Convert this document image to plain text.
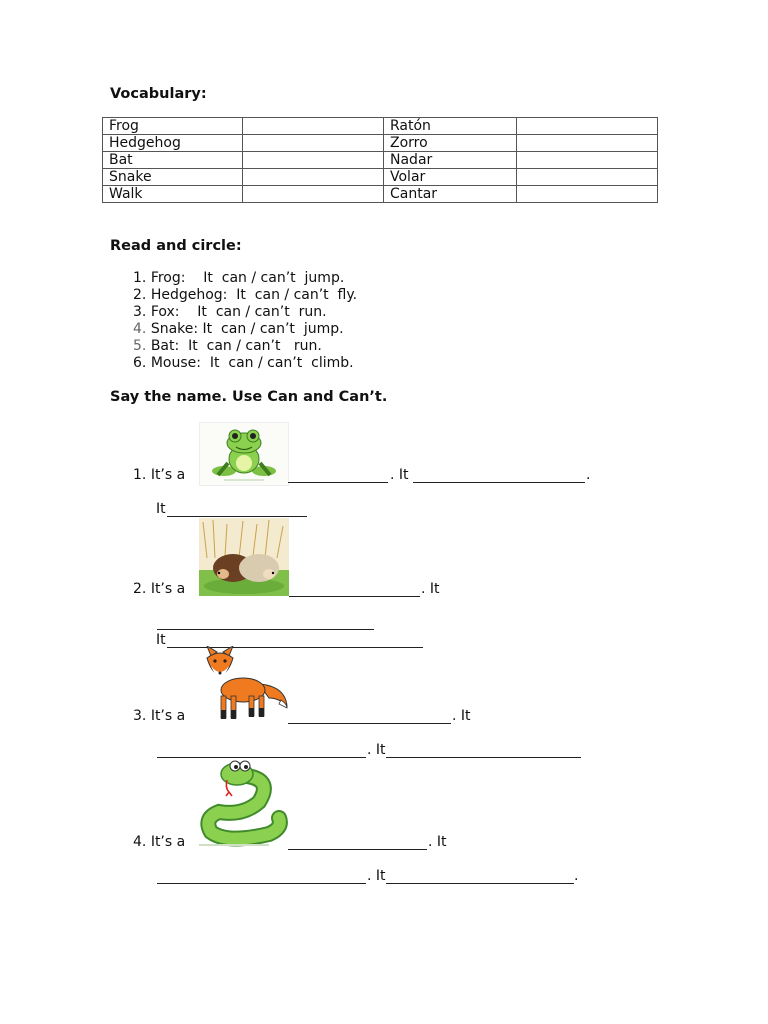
Vocabulary:
Frog		Ratón	
Hedgehog		Zorro	
Bat		Nadar	
Snake		Volar	
Walk		Cantar	
Read and circle:
1. Frog:    It  can / can’t  jump.
2. Hedgehog:  It  can / can’t  fly.
3. Fox:    It  can / can’t  run.
4. Snake: It  can / can’t  jump.
5. Bat:  It  can / can’t   run.
6. Mouse:  It  can / can’t  climb.
Say the name. Use Can and Can’t.
1. It’s a	. It	.
It
2. It’s a	. It
It
3. It’s a	. It
. It
4. It’s a	. It
. It	.
